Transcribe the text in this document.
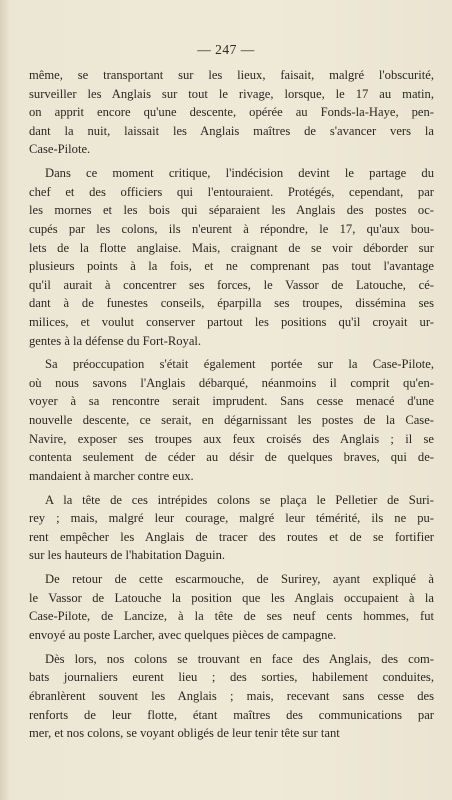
— 247 —

même, se transportant sur les lieux, faisait, malgré l'obscurité,
surveiller les Anglais sur tout le rivage, lorsque, le 17 au matin,
on apprit encore qu'une descente, opérée au Fonds-la-Haye, pen-
dant la nuit, laissait les Anglais maîtres de s'avancer vers la
Case-Pilote.

Dans ce moment critique, l'indécision devint le partage du
chef et des officiers qui l'entouraient. Protégés, cependant, par
les mornes et les bois qui séparaient les Anglais des postes oc-
cupés par les colons, ils n'eurent à répondre, le 17, qu'aux bou-
lets de la flotte anglaise. Mais, craignant de se voir déborder sur
plusieurs points à la fois, et ne comprenant pas tout l'avantage
qu'il aurait à concentrer ses forces, le Vassor de Latouche, cé-
dant à de funestes conseils, éparpilla ses troupes, dissémina ses
milices, et voulut conserver partout les positions qu'il croyait ur-
gentes à la défense du Fort-Royal.

Sa préoccupation s'était également portée sur la Case-Pilote,
où nous savons l'Anglais débarqué, néanmoins il comprit qu'en-
voyer à sa rencontre serait imprudent. Sans cesse menacé d'une
nouvelle descente, ce serait, en dégarnissant les postes de la Case-
Navire, exposer ses troupes aux feux croisés des Anglais ; il se
contenta seulement de céder au désir de quelques braves, qui de-
mandaient à marcher contre eux.

A la tête de ces intrépides colons se plaça le Pelletier de Suri-
rey ; mais, malgré leur courage, malgré leur témérité, ils ne pu-
rent empêcher les Anglais de tracer des routes et de se fortifier
sur les hauteurs de l'habitation Daguin.

De retour de cette escarmouche, de Surirey, ayant expliqué à
le Vassor de Latouche la position que les Anglais occupaient à la
Case-Pilote, de Lancize, à la tête de ses neuf cents hommes, fut
envoyé au poste Larcher, avec quelques pièces de campagne.

Dès lors, nos colons se trouvant en face des Anglais, des com-
bats journaliers eurent lieu ; des sorties, habilement conduites,
ébranlèrent souvent les Anglais ; mais, recevant sans cesse des
renforts de leur flotte, étant maîtres des communications par
mer, et nos colons, se voyant obligés de leur tenir tête sur tant
